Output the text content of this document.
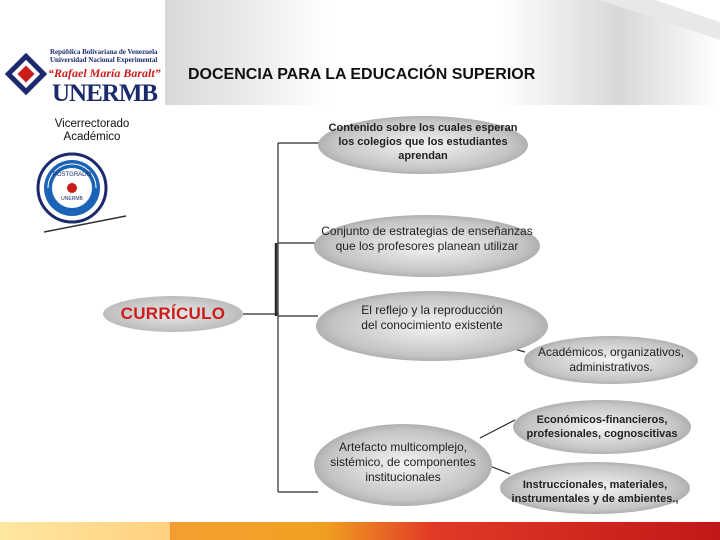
República Bolivariana de Venezuela
Universidad Nacional Experimental
“Rafael María Baralt”
UNERMB
DOCENCIA PARA LA EDUCACIÓN SUPERIOR
Vicerrectorado Académico
POSTGRADO
UNERMB
CURRÍCULO
Contenido sobre los cuales esperan los colegios que los estudiantes aprendan
Conjunto de estrategias de enseñanzas que los profesores planean utilizar
El reflejo y la reproducción del conocimiento existente
Académicos, organizativos, administrativos.
Económicos-financieros, profesionales, cognoscitivas
Artefacto multicomplejo, sistémico, de componentes institucionales
Instruccionales, materiales, instrumentales y de ambientes.,
